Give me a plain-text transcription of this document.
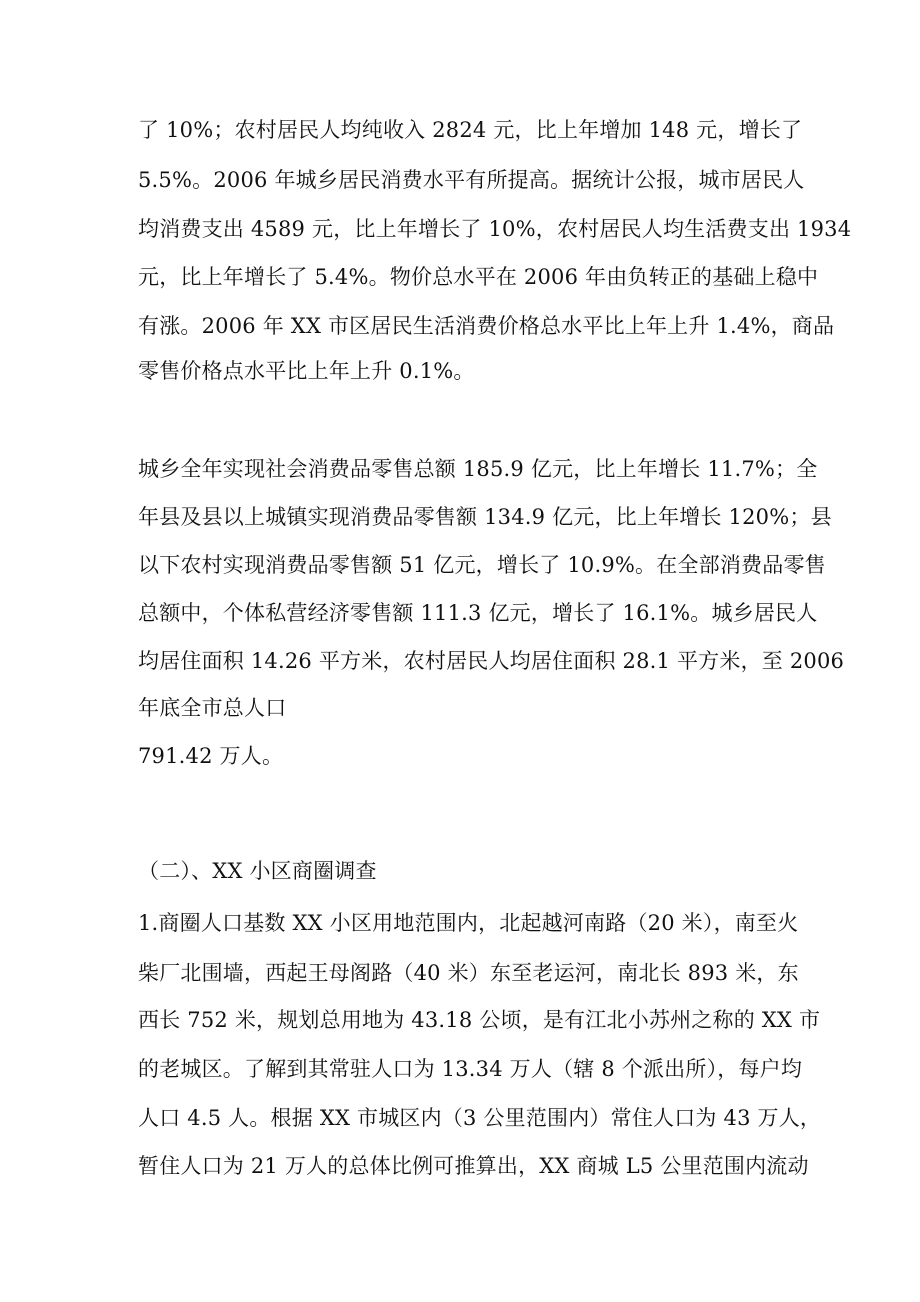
了 10%；农村居民人均纯收入 2824 元，比上年增加 148 元，增长了
5.5%。2006 年城乡居民消费水平有所提高。据统计公报，城市居民人
均消费支出 4589 元，比上年增长了 10%，农村居民人均生活费支出 1934
元，比上年增长了 5.4%。物价总水平在 2006 年由负转正的基础上稳中
有涨。2006 年 XX 市区居民生活消费价格总水平比上年上升 1.4%，商品
零售价格点水平比上年上升 0.1%。
城乡全年实现社会消费品零售总额 185.9 亿元，比上年增长 11.7%；全
年县及县以上城镇实现消费品零售额 134.9 亿元，比上年增长 120%；县
以下农村实现消费品零售额 51 亿元，增长了 10.9%。在全部消费品零售
总额中，个体私营经济零售额 111.3 亿元，增长了 16.1%。城乡居民人
均居住面积 14.26 平方米，农村居民人均居住面积 28.1 平方米，至 2006
年底全市总人口
791.42 万人。
（二）、XX 小区商圈调查
1.商圈人口基数 XX 小区用地范围内，北起越河南路（20 米），南至火
柴厂北围墙，西起王母阁路（40 米）东至老运河，南北长 893 米，东
西长 752 米，规划总用地为 43.18 公顷，是有江北小苏州之称的 XX 市
的老城区。了解到其常驻人口为 13.34 万人（辖 8 个派出所），每户均
人口 4.5 人。根据 XX 市城区内（3 公里范围内）常住人口为 43 万人，
暂住人口为 21 万人的总体比例可推算出，XX 商城 L5 公里范围内流动
